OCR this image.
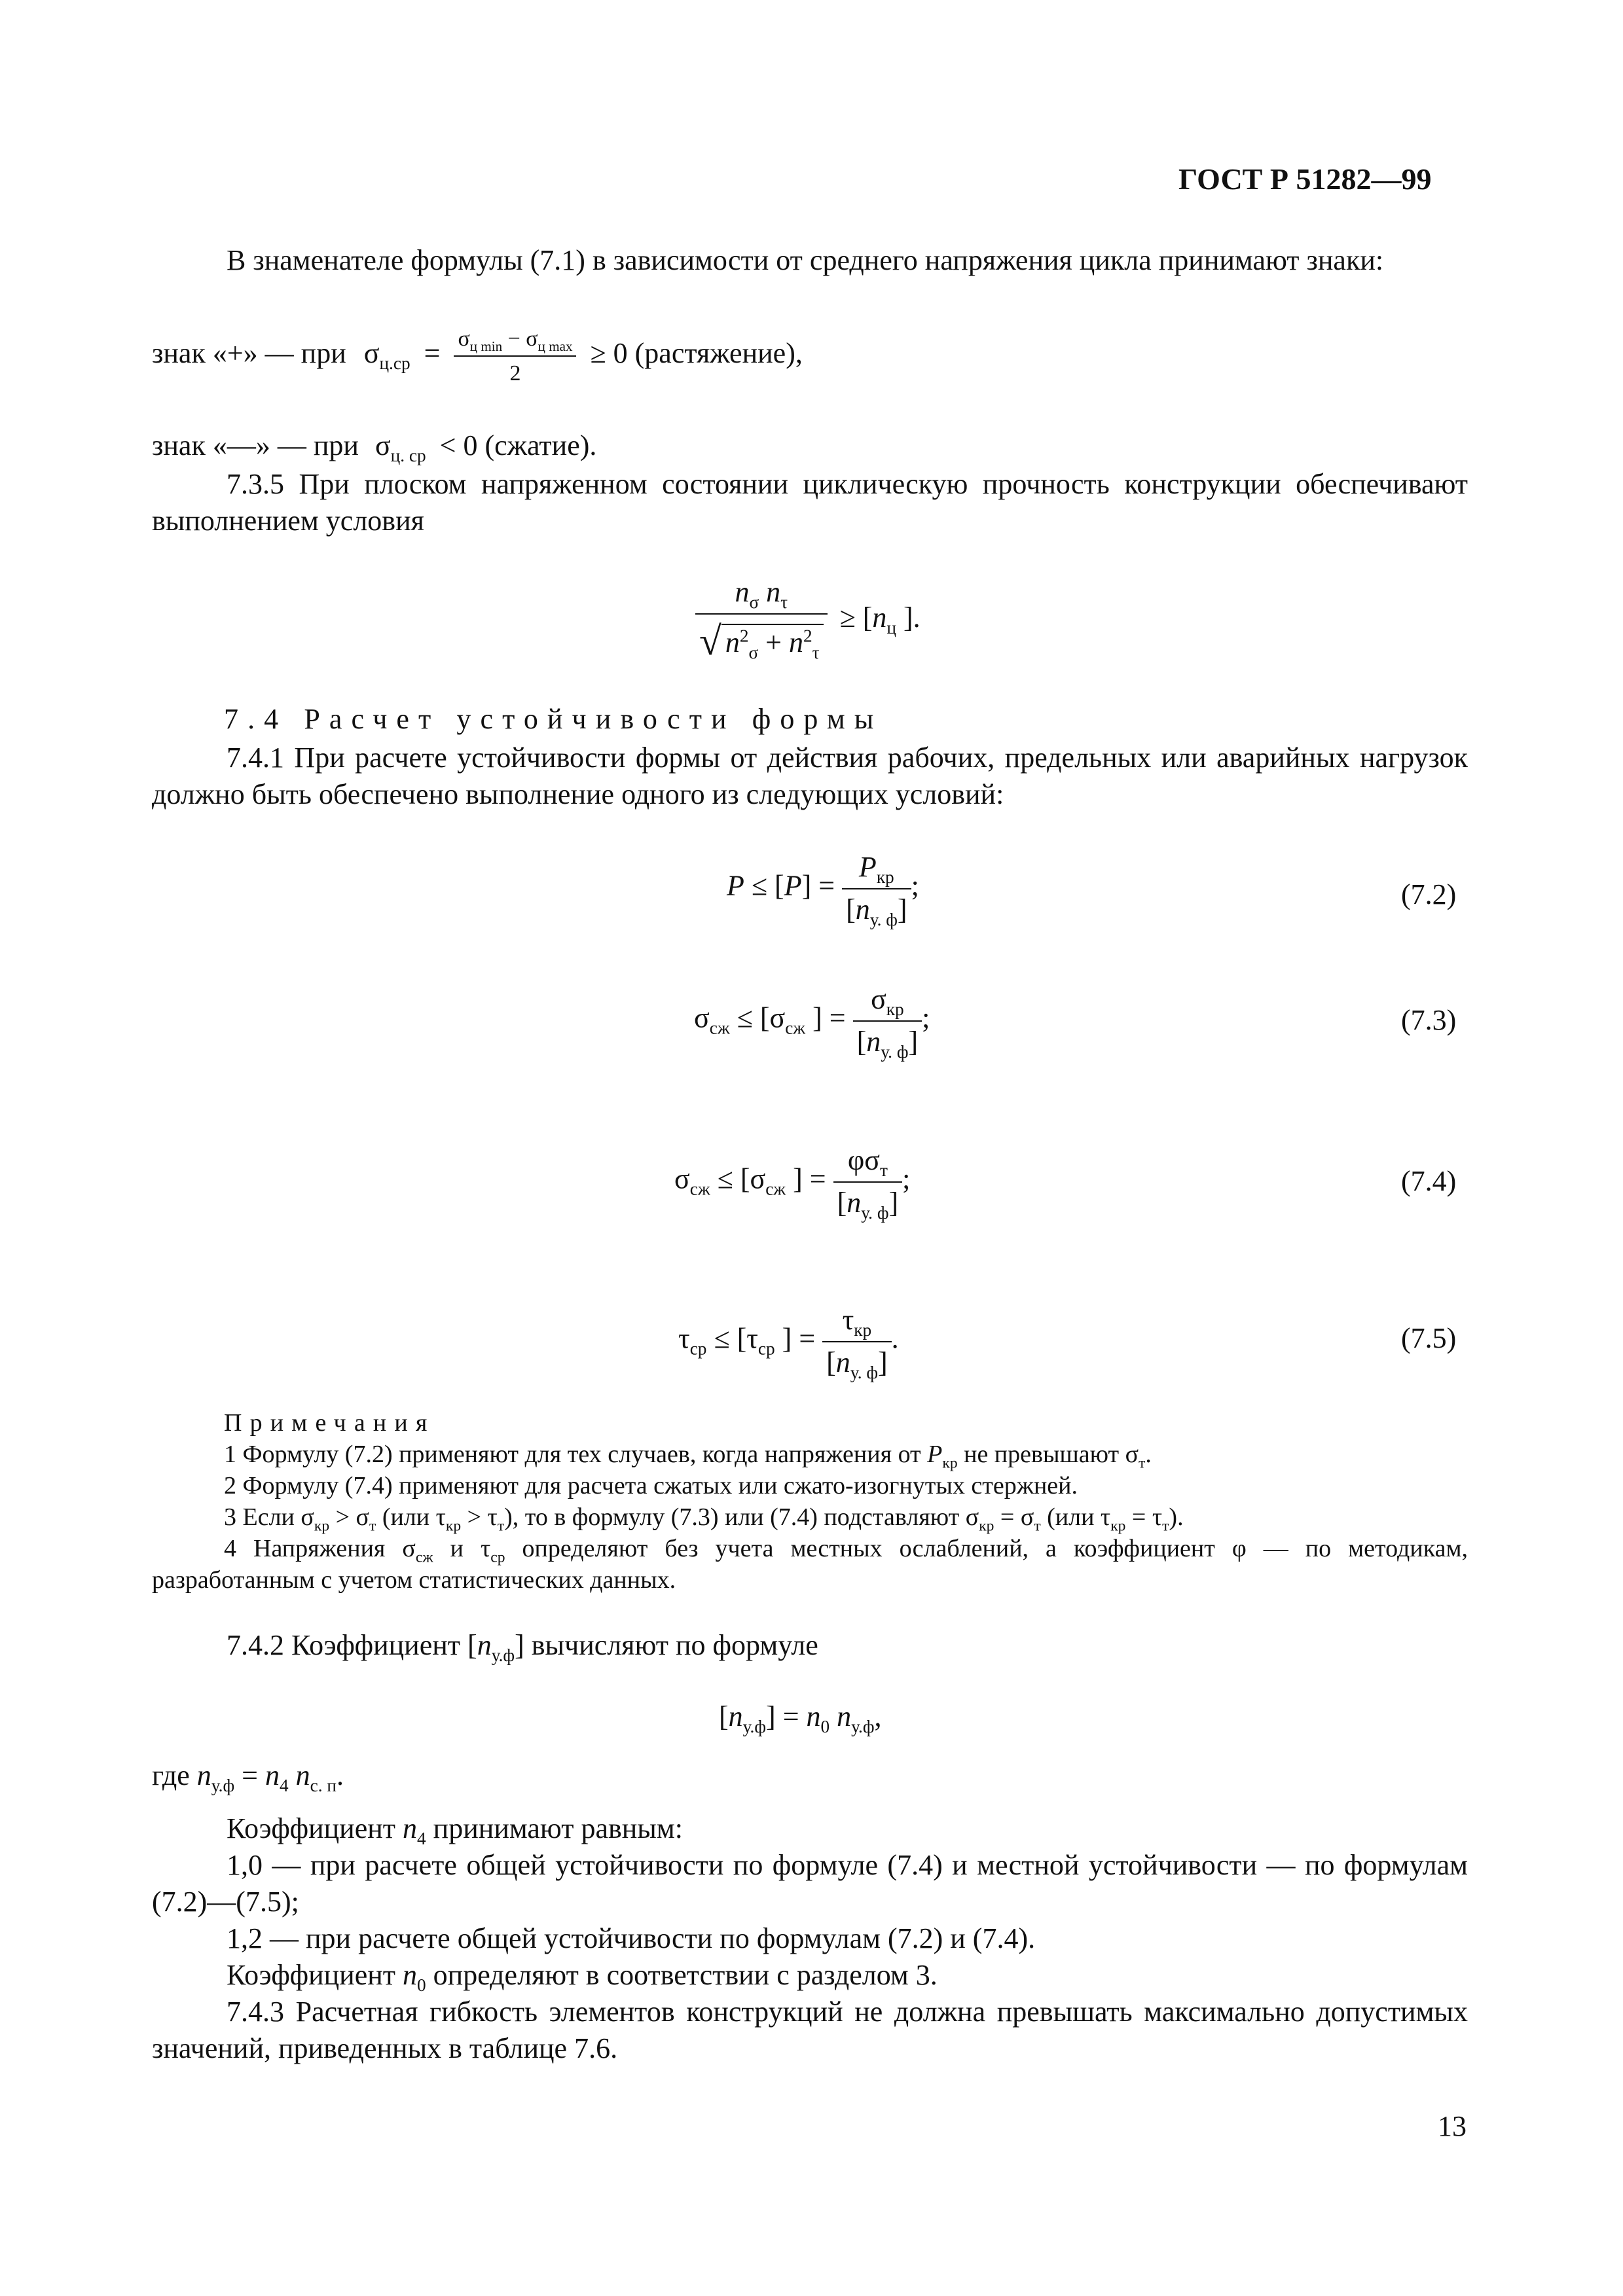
ГОСТ Р 51282—99
В знаменателе формулы (7.1) в зависимости от среднего напряжения цикла принимают знаки:
знак «+» — при $\sigma_{ц.ср} = \frac{\sigma_{ц min} - \sigma_{ц max}}{2} \ge 0$ (растяжение),
знак «—» — при $\sigma_{ц. ср} < 0$ (сжатие).
7.3.5 При плоском напряженном состоянии циклическую прочность конструкции обеспечивают выполнением условия
$\frac{n_\sigma n_\tau}{√ n^2_\sigma + n^2_\tau} \ge [n_ц$ ].
7.4 Расчет устойчивости формы
7.4.1 При расчете устойчивости формы от действия рабочих, предельных или аварийных нагрузок должно быть обеспечено выполнение одного из следующих условий:
$P \le [P] = \frac{P_{кр}}{[n_{у. ф}]}$ ;	(7.2)
$\sigma_{сж} \le [\sigma_{сж}$ ] = $\frac{\sigma_{кр}}{[n_{у. ф}]}$ ;	(7.3)
$\sigma_{сж} \le [\sigma_{сж}$ ] = $\frac{\varphi\sigma_т}{[n_{у. ф}]}$ ;	(7.4)
$\tau_{ср} \le [\tau_{ср}$ ] = $\frac{\tau_{кр}}{[n_{у. ф}]}$ .	(7.5)
Примечания
1 Формулу (7.2) применяют для тех случаев, когда напряжения от $P_{кр}$ не превышают $\sigma_т$.
2 Формулу (7.4) применяют для расчета сжатых или сжато-изогнутых стержней.
3 Если $\sigma_{кр} > \sigma_т$ (или $\tau_{кр} > \tau_т$), то в формулу (7.3) или (7.4) подставляют $\sigma_{кр} = \sigma_т$ (или $\tau_{кр} = \tau_т$).
4 Напряжения $\sigma_{сж}$ и $\tau_{ср}$ определяют без учета местных ослаблений, а коэффициент φ — по методикам, разработанным с учетом статистических данных.
7.4.2 Коэффициент $[n_{у.ф}]$ вычисляют по формуле
$[n_{у.ф}] = n_0$ $n_{у.ф}$,
где $n_{у.ф} = n_4$ $n_{с. п}$.
Коэффициент $n_4$ принимают равным:
1,0 — при расчете общей устойчивости по формуле (7.4) и местной устойчивости — по формулам (7.2)—(7.5);
1,2 — при расчете общей устойчивости по формулам (7.2) и (7.4).
Коэффициент $n_0$ определяют в соответствии с разделом 3.
7.4.3 Расчетная гибкость элементов конструкций не должна превышать максимально допустимых значений, приведенных в таблице 7.6.
13
